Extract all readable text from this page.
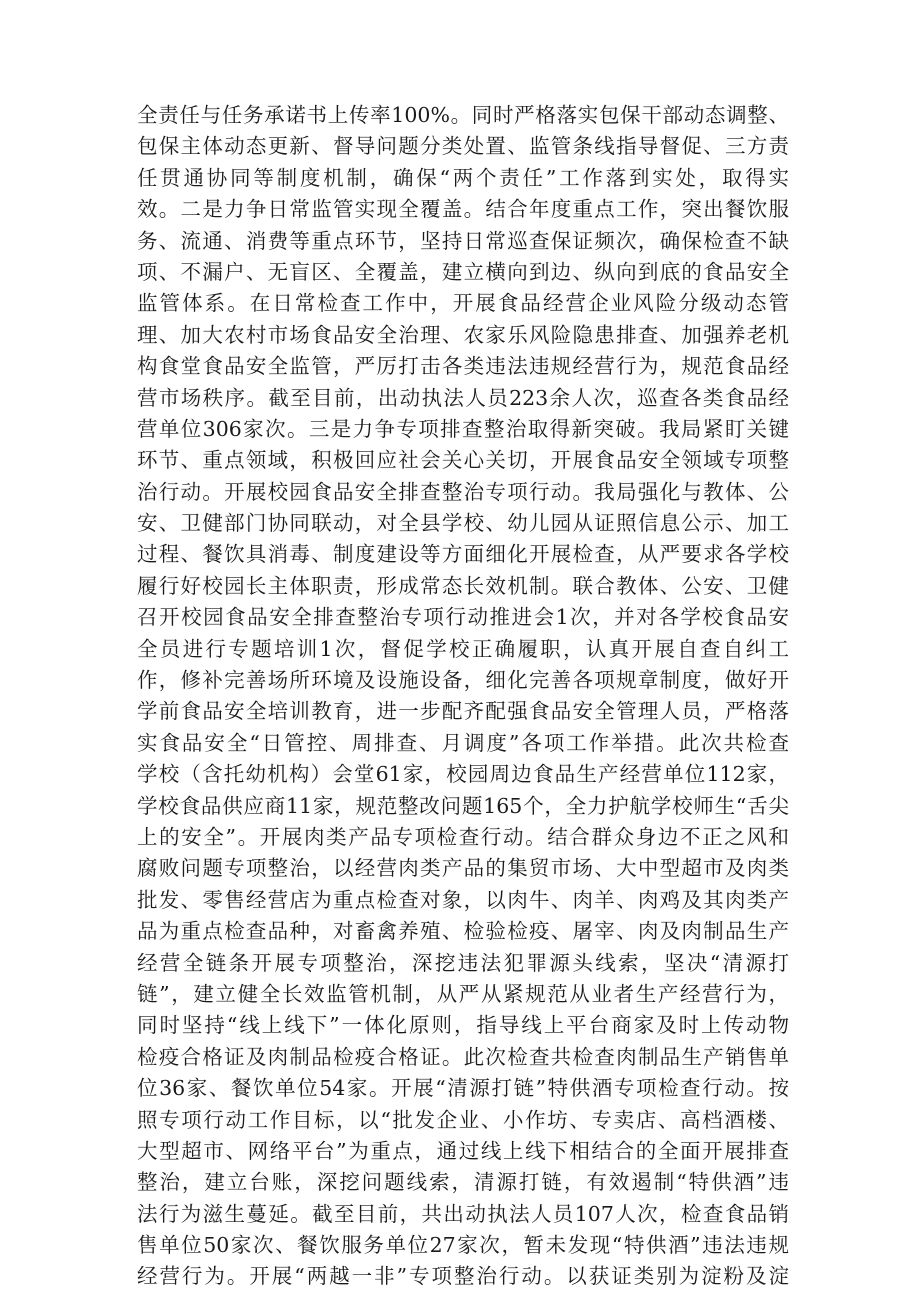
全责任与任务承诺书上传率100%。同时严格落实包保干部动态调整、
包保主体动态更新、督导问题分类处置、监管条线指导督促、三方责
任贯通协同等制度机制，确保“两个责任”工作落到实处，取得实
效。二是力争日常监管实现全覆盖。结合年度重点工作，突出餐饮服
务、流通、消费等重点环节，坚持日常巡查保证频次，确保检查不缺
项、不漏户、无盲区、全覆盖，建立横向到边、纵向到底的食品安全
监管体系。在日常检查工作中，开展食品经营企业风险分级动态管
理、加大农村市场食品安全治理、农家乐风险隐患排查、加强养老机
构食堂食品安全监管，严厉打击各类违法违规经营行为，规范食品经
营市场秩序。截至目前，出动执法人员223余人次，巡查各类食品经
营单位306家次。三是力争专项排查整治取得新突破。我局紧盯关键
环节、重点领域，积极回应社会关心关切，开展食品安全领域专项整
治行动。开展校园食品安全排查整治专项行动。我局强化与教体、公
安、卫健部门协同联动，对全县学校、幼儿园从证照信息公示、加工
过程、餐饮具消毒、制度建设等方面细化开展检查，从严要求各学校
履行好校园长主体职责，形成常态长效机制。联合教体、公安、卫健
召开校园食品安全排查整治专项行动推进会1次，并对各学校食品安
全员进行专题培训1次，督促学校正确履职，认真开展自查自纠工
作，修补完善场所环境及设施设备，细化完善各项规章制度，做好开
学前食品安全培训教育，进一步配齐配强食品安全管理人员，严格落
实食品安全“日管控、周排查、月调度”各项工作举措。此次共检查
学校（含托幼机构）会堂61家，校园周边食品生产经营单位112家，
学校食品供应商11家，规范整改问题165个，全力护航学校师生“舌尖
上的安全”。开展肉类产品专项检查行动。结合群众身边不正之风和
腐败问题专项整治，以经营肉类产品的集贸市场、大中型超市及肉类
批发、零售经营店为重点检查对象，以肉牛、肉羊、肉鸡及其肉类产
品为重点检查品种，对畜禽养殖、检验检疫、屠宰、肉及肉制品生产
经营全链条开展专项整治，深挖违法犯罪源头线索，坚决“清源打
链”，建立健全长效监管机制，从严从紧规范从业者生产经营行为，
同时坚持“线上线下”一体化原则，指导线上平台商家及时上传动物
检疫合格证及肉制品检疫合格证。此次检查共检查肉制品生产销售单
位36家、餐饮单位54家。开展“清源打链”特供酒专项检查行动。按
照专项行动工作目标，以“批发企业、小作坊、专卖店、高档酒楼、
大型超市、网络平台”为重点，通过线上线下相结合的全面开展排查
整治，建立台账，深挖问题线索，清源打链，有效遏制“特供酒”违
法行为滋生蔓延。截至目前，共出动执法人员107人次，检查食品销
售单位50家次、餐饮服务单位27家次，暂未发现“特供酒”违法违规
经营行为。开展“两越一非”专项整治行动。以获证类别为淀粉及淀
